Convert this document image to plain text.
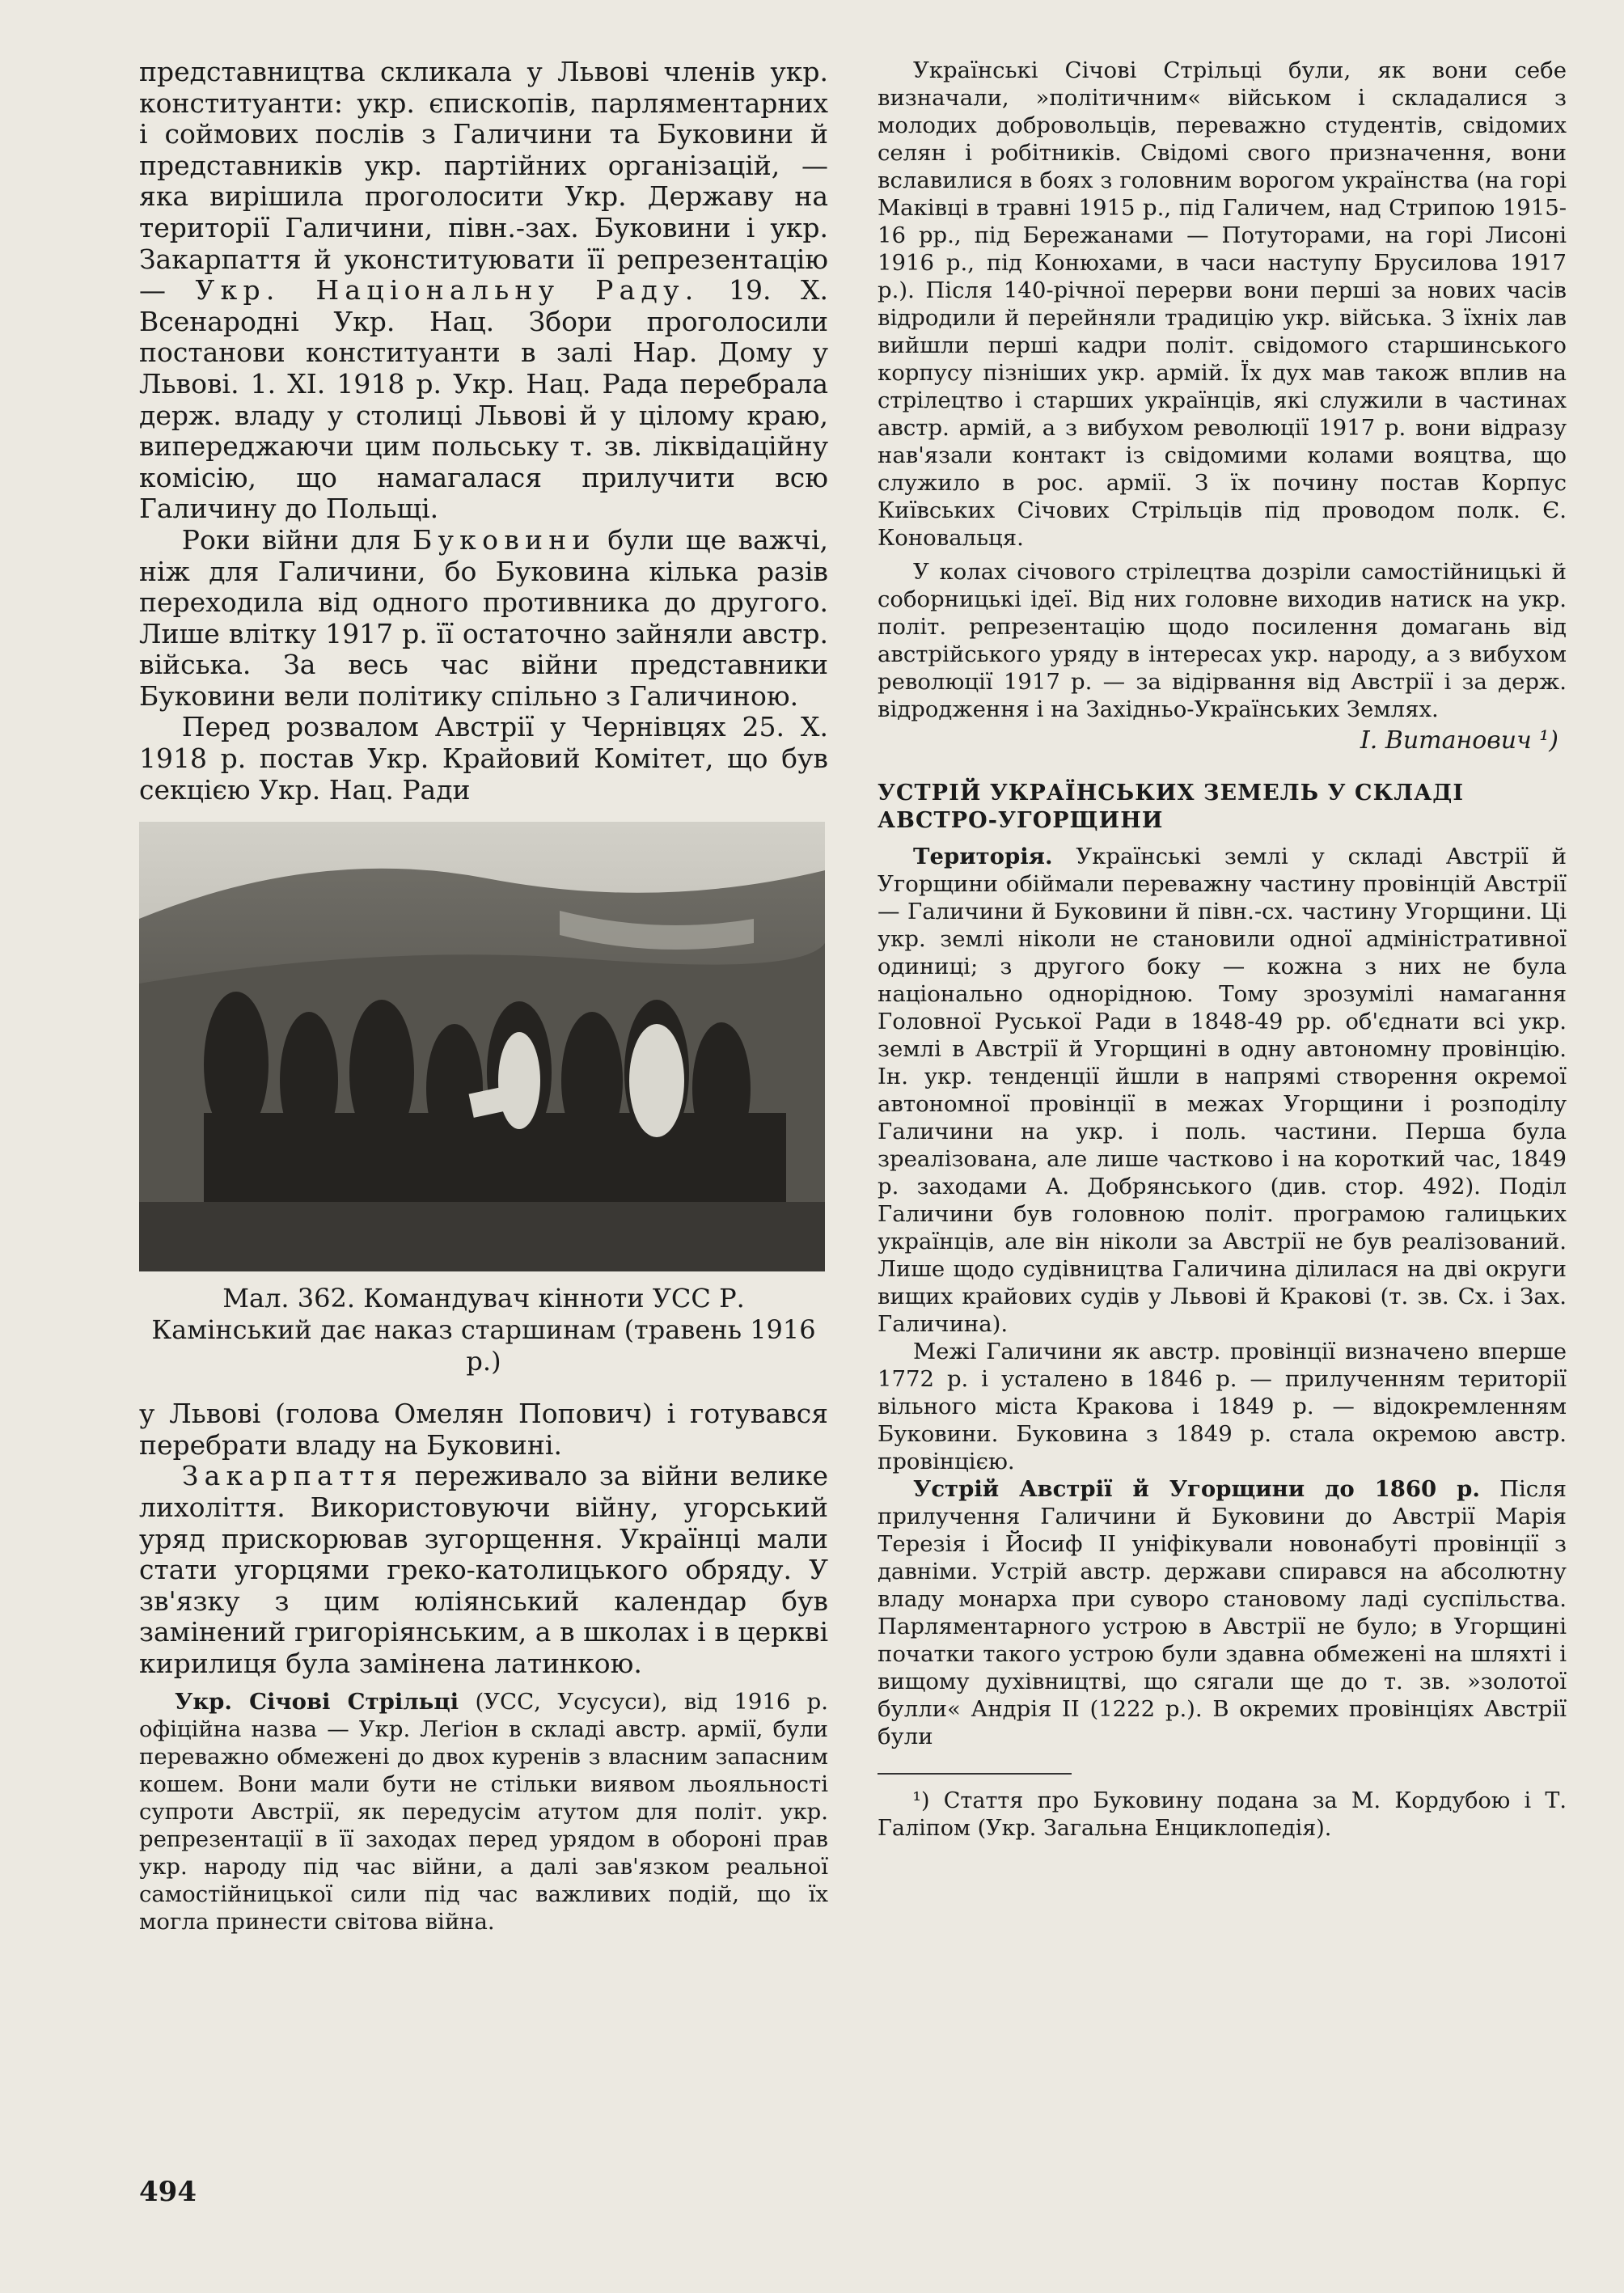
представництва скликала у Львові членів укр. конституанти: укр. єпископів, парляментарних і соймових послів з Галичини та Буковини й представників укр. партійних організацій, — яка вирішила проголосити Укр. Державу на території Галичини, півн.-зах. Буковини і укр. Закарпаття й уконституювати її репрезентацію — Укр. Національну Раду. 19. X. Всенародні Укр. Нац. Збори проголосили постанови конституанти в залі Нар. Дому у Львові. 1. XI. 1918 р. Укр. Нац. Рада перебрала держ. владу у столиці Львові й у цілому краю, випереджаючи цим польську т. зв. ліквідаційну комісію, що намагалася прилучити всю Галичину до Польщі.

Роки війни для Буковини були ще важчі, ніж для Галичини, бо Буковина кілька разів переходила від одного противника до другого. Лише влітку 1917 р. її остаточно зайняли австр. війська. За весь час війни представники Буковини вели політику спільно з Галичиною.

Перед розвалом Австрії у Чернівцях 25. X. 1918 р. постав Укр. Крайовий Комітет, що був секцією Укр. Нац. Ради

Мал. 362. Командувач кінноти УСС Р. Камінський дає наказ старшинам (травень 1916 р.)

у Львові (голова Омелян Попович) і готувався перебрати владу на Буковині.

Закарпаття переживало за війни велике лихоліття. Використовуючи війну, угорський уряд прискорював зугорщення. Українці мали стати угорцями греко-католицького обряду. У зв'язку з цим юліянський календар був замінений григоріянським, а в школах і в церкві кирилиця була замінена латинкою.

Укр. Січові Стрільці (УСС, Усусуси), від 1916 р. офіційна назва — Укр. Леґіон в складі австр. армії, були переважно обмежені до двох куренів з власним запасним кошем. Вони мали бути не стільки виявом льояльності супроти Австрії, як передусім атутом для політ. укр. репрезентації в її заходах перед урядом в обороні прав укр. народу під час війни, а далі зав'язком реальної самостійницької сили під час важливих подій, що їх могла принести світова війна.

Українські Січові Стрільці були, як вони себе визначали, »політичним« військом і складалися з молодих добровольців, переважно студентів, свідомих селян і робітників. Свідомі свого призначення, вони вславилися в боях з головним ворогом українства (на горі Маківці в травні 1915 р., під Галичем, над Стрипою 1915-16 рр., під Бережанами — Потуторами, на горі Лисоні 1916 р., під Конюхами, в часи наступу Брусилова 1917 р.). Після 140-річної перерви вони перші за нових часів відродили й перейняли традицію укр. війська. З їхніх лав вийшли перші кадри політ. свідомого старшинського корпусу пізніших укр. армій. Їх дух мав також вплив на стрілецтво і старших українців, які служили в частинах австр. армій, а з вибухом революції 1917 р. вони відразу нав'язали контакт із свідомими колами вояцтва, що служило в рос. армії. З їх почину постав Корпус Київських Січових Стрільців під проводом полк. Є. Коновальця.

У колах січового стрілецтва дозріли самостійницькі й соборницькі ідеї. Від них головне виходив натиск на укр. політ. репрезентацію щодо посилення домагань від австрійського уряду в інтересах укр. народу, а з вибухом революції 1917 р. — за відірвання від Австрії і за держ. відродження і на Західньо-Українських Землях.

І. Витанович ¹)

УСТРІЙ УКРАЇНСЬКИХ ЗЕМЕЛЬ У СКЛАДІ АВСТРО-УГОРЩИНИ

Територія. Українські землі у складі Австрії й Угорщини обіймали переважну частину провінцій Австрії — Галичини й Буковини й півн.-сх. частину Угорщини. Ці укр. землі ніколи не становили одної адміністративної одиниці; з другого боку — кожна з них не була національно однорідною. Тому зрозумілі намагання Головної Руської Ради в 1848-49 рр. об'єднати всі укр. землі в Австрії й Угорщині в одну автономну провінцію. Ін. укр. тенденції йшли в напрямі створення окремої автономної провінції в межах Угорщини і розподілу Галичини на укр. і поль. частини. Перша була зреалізована, але лише частково і на короткий час, 1849 р. заходами А. Добрянського (див. стор. 492). Поділ Галичини був головною політ. програмою галицьких українців, але він ніколи за Австрії не був реалізований. Лише щодо судівництва Галичина ділилася на дві округи вищих крайових судів у Львові й Кракові (т. зв. Сх. і Зах. Галичина).

Межі Галичини як австр. провінції визначено вперше 1772 р. і усталено в 1846 р. — прилученням території вільного міста Кракова і 1849 р. — відокремленням Буковини. Буковина з 1849 р. стала окремою австр. провінцією.

Устрій Австрії й Угорщини до 1860 р. Після прилучення Галичини й Буковини до Австрії Марія Терезія і Йосиф II уніфікували новонабуті провінції з давніми. Устрій австр. держави спирався на абсолютну владу монарха при суворо становому ладі суспільства. Парляментарного устрою в Австрії не було; в Угорщині початки такого устрою були здавна обмежені на шляхті і вищому духівництві, що сягали ще до т. зв. »золотої булли« Андрія II (1222 р.). В окремих провінціях Австрії були

¹) Стаття про Буковину подана за М. Кордубою і Т. Галіпом (Укр. Загальна Енциклопедія).

494
